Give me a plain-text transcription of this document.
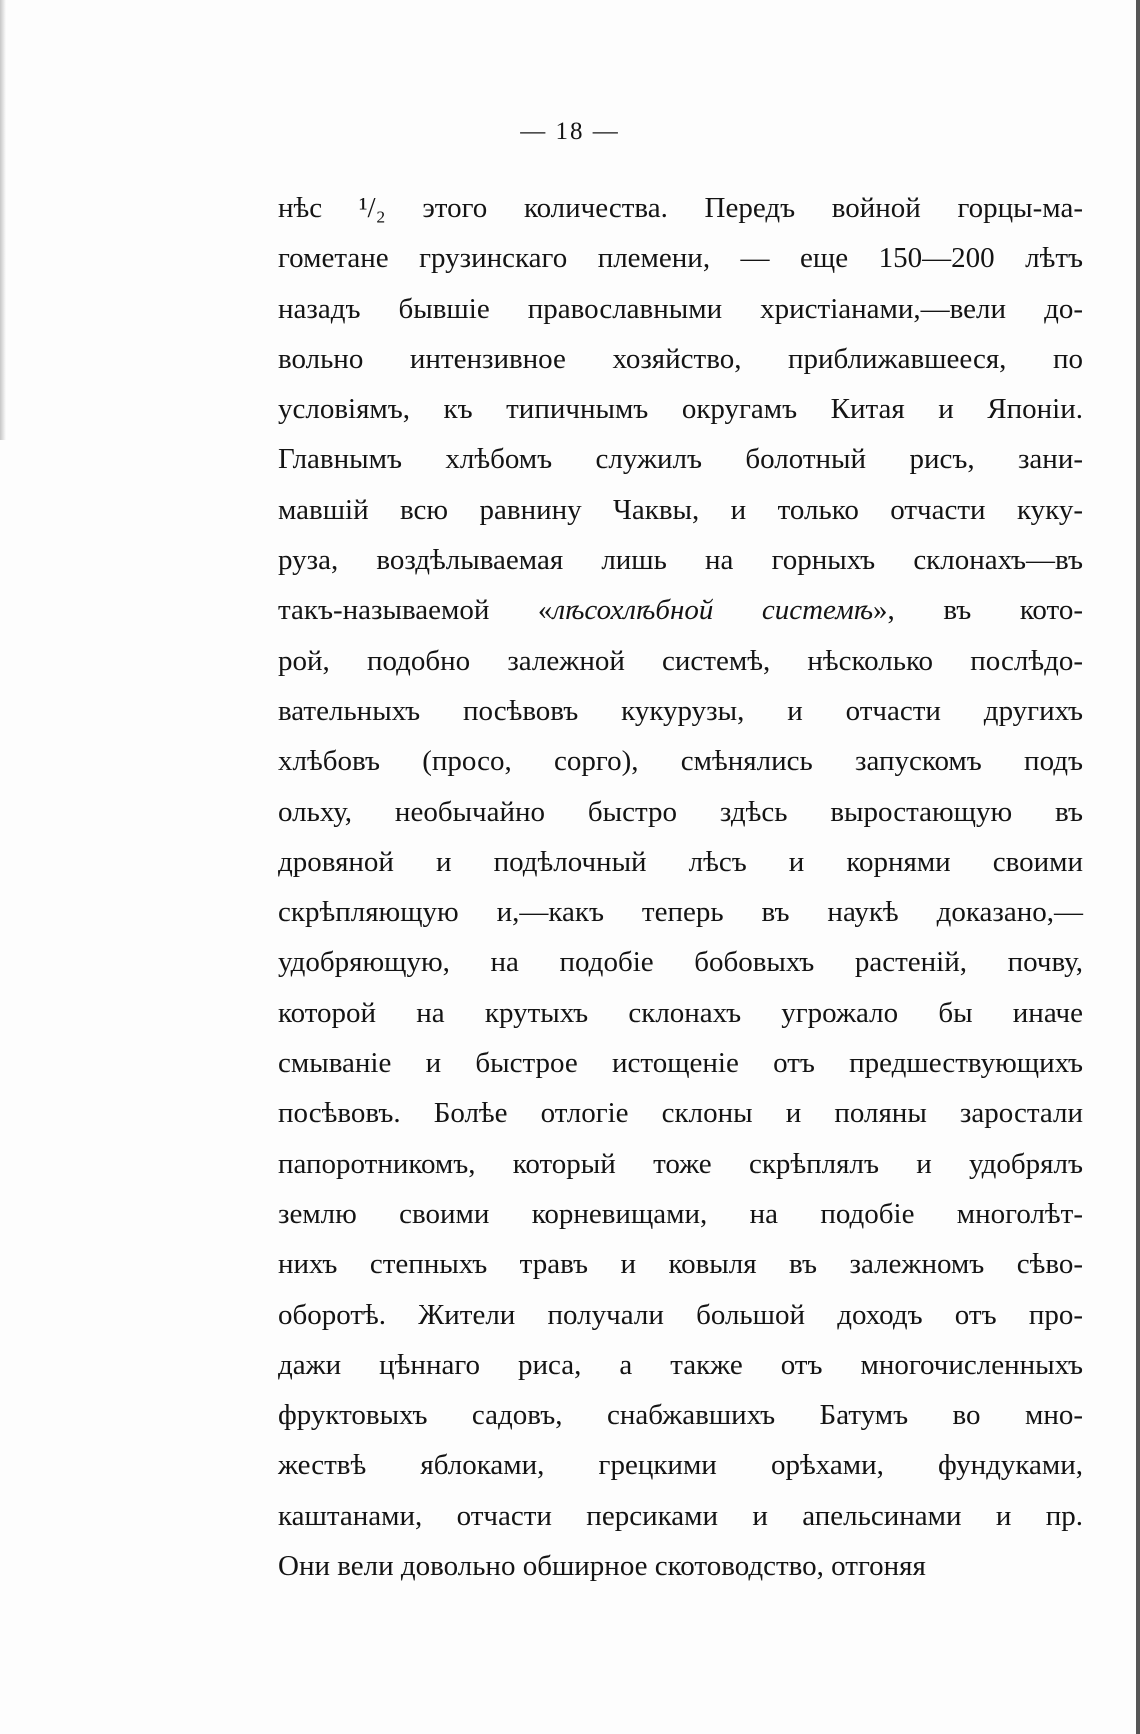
— 18 —
нѣс ¹/₂ этого количества. Передъ войной горцы-ма-
гометане грузинскаго племени, — еще 150—200 лѣтъ
назадъ бывшіе православными христіанами,—вели до-
вольно интензивное хозяйство, приближавшееся, по
условіямъ, къ типичнымъ округамъ Китая и Японіи.
Главнымъ хлѣбомъ служилъ болотный рисъ, зани-
мавшій всю равнину Чаквы, и только отчасти куку-
руза, воздѣлываемая лишь на горныхъ склонахъ—въ
такъ-называемой «лѣсохлѣбной системѣ», въ кото-
рой, подобно залежной системѣ, нѣсколько послѣдо-
вательныхъ посѣвовъ кукурузы, и отчасти другихъ
хлѣбовъ (просо, сорго), смѣнялись запускомъ подъ
ольху, необычайно быстро здѣсь выростающую въ
дровяной и подѣлочный лѣсъ и корнями своими
скрѣпляющую и,—какъ теперь въ наукѣ доказано,—
удобряющую, на подобіе бобовыхъ растеній, почву,
которой на крутыхъ склонахъ угрожало бы иначе
смываніе и быстрое истощеніе отъ предшествующихъ
посѣвовъ. Болѣе отлогіе склоны и поляны заростали
папоротникомъ, который тоже скрѣплялъ и удобрялъ
землю своими корневищами, на подобіе многолѣт-
нихъ степныхъ травъ и ковыля въ залежномъ сѣво-
оборотѣ. Жители получали большой доходъ отъ про-
дажи цѣннаго риса, а также отъ многочисленныхъ
фруктовыхъ садовъ, снабжавшихъ Батумъ во мно-
жествѣ яблоками, грецкими орѣхами, фундуками,
каштанами, отчасти персиками и апельсинами и пр.
Они вели довольно обширное скотоводство, отгоняя
